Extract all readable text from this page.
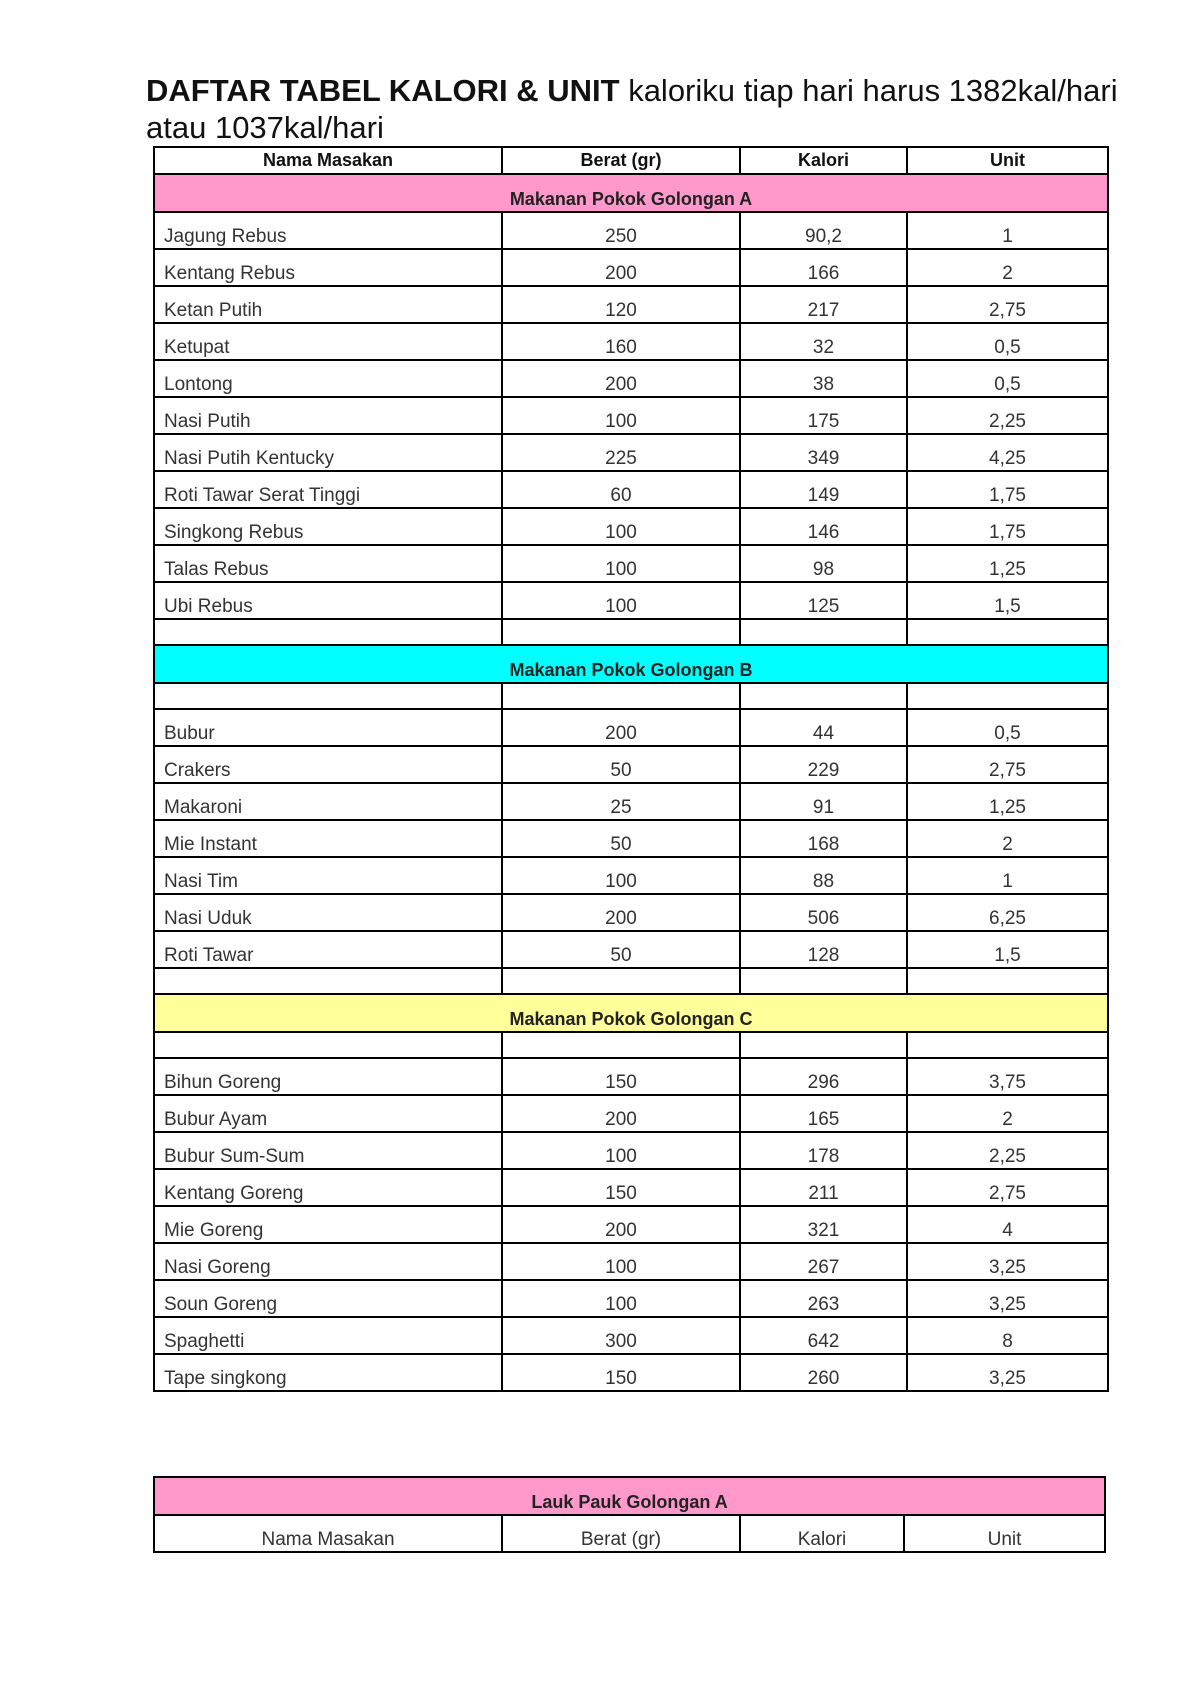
DAFTAR TABEL KALORI & UNIT kaloriku tiap hari harus 1382kal/hari atau 1037kal/hari
Nama Masakan	Berat (gr)	Kalori	Unit
Makanan Pokok Golongan A			
Jagung Rebus	250	90,2	1
Kentang Rebus	200	166	2
Ketan Putih	120	217	2,75
Ketupat	160	32	0,5
Lontong	200	38	0,5
Nasi Putih	100	175	2,25
Nasi Putih Kentucky	225	349	4,25
Roti Tawar Serat Tinggi	60	149	1,75
Singkong Rebus	100	146	1,75
Talas Rebus	100	98	1,25
Ubi Rebus	100	125	1,5

Makanan Pokok Golongan B			

Bubur	200	44	0,5
Crakers	50	229	2,75
Makaroni	25	91	1,25
Mie Instant	50	168	2
Nasi Tim	100	88	1
Nasi Uduk	200	506	6,25
Roti Tawar	50	128	1,5

Makanan Pokok Golongan C			

Bihun Goreng	150	296	3,75
Bubur Ayam	200	165	2
Bubur Sum-Sum	100	178	2,25
Kentang Goreng	150	211	2,75
Mie Goreng	200	321	4
Nasi Goreng	100	267	3,25
Soun Goreng	100	263	3,25
Spaghetti	300	642	8
Tape singkong	150	260	3,25
Lauk Pauk Golongan A
Nama Masakan	Berat (gr)	Kalori	Unit
